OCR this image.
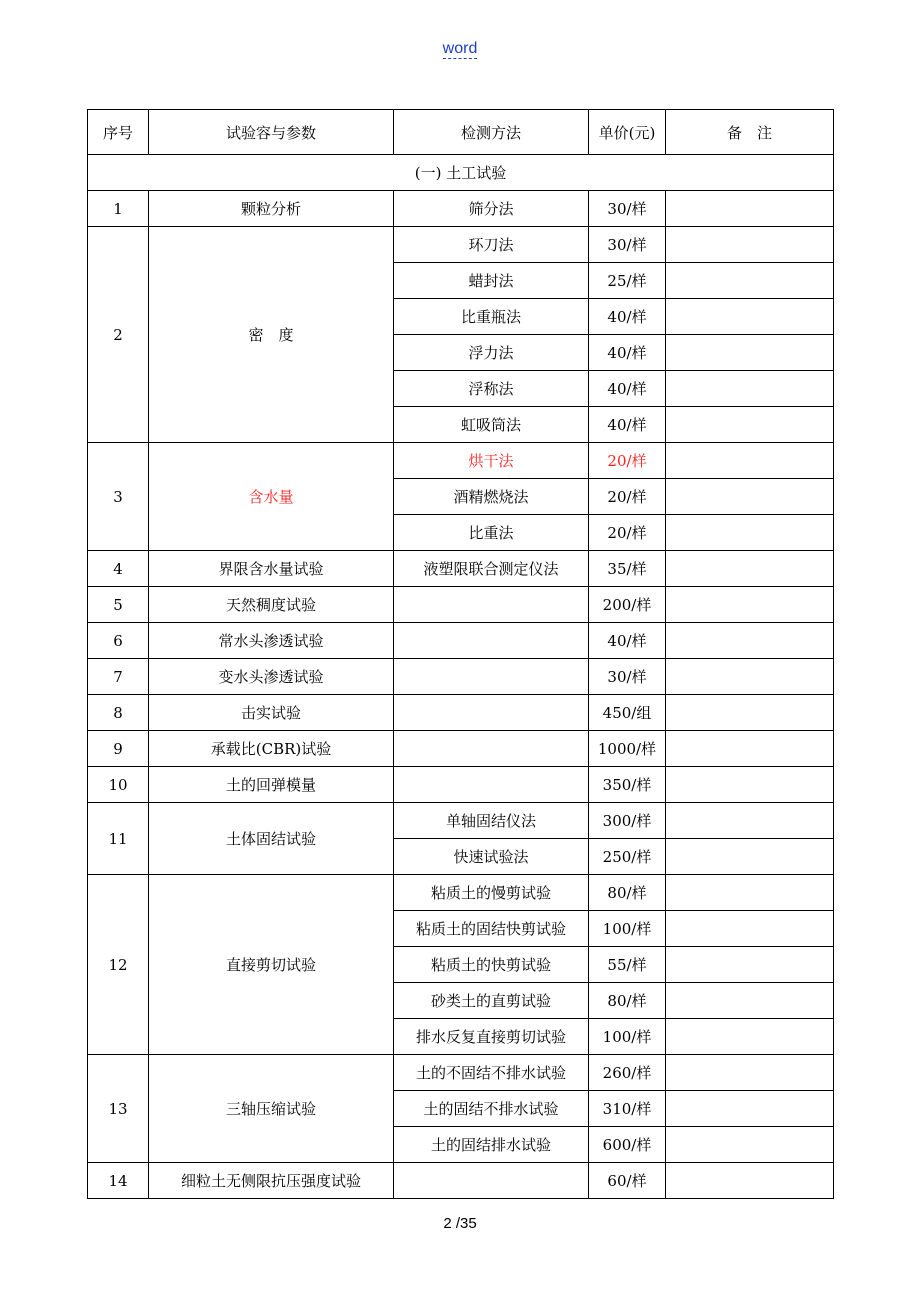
word
序号	试验容与参数	检测方法	单价(元)	备　注
(一) 土工试验				
1	颗粒分析	筛分法	30/样	
2	密　度	环刀法	30/样	
		蜡封法	25/样	
		比重瓶法	40/样	
		浮力法	40/样	
		浮称法	40/样	
		虹吸筒法	40/样	
3	含水量	烘干法	20/样	
		酒精燃烧法	20/样	
		比重法	20/样	
4	界限含水量试验	液塑限联合测定仪法	35/样	
5	天然稠度试验		200/样	
6	常水头渗透试验		40/样	
7	变水头渗透试验		30/样	
8	击实试验		450/组	
9	承载比(CBR)试验		1000/样	
10	土的回弹模量		350/样	
11	土体固结试验	单轴固结仪法	300/样	
		快速试验法	250/样	
12	直接剪切试验	粘质土的慢剪试验	80/样	
		粘质土的固结快剪试验	100/样	
		粘质土的快剪试验	55/样	
		砂类土的直剪试验	80/样	
		排水反复直接剪切试验	100/样	
13	三轴压缩试验	土的不固结不排水试验	260/样	
		土的固结不排水试验	310/样	
		土的固结排水试验	600/样	
14	细粒土无侧限抗压强度试验		60/样	
2 /35
